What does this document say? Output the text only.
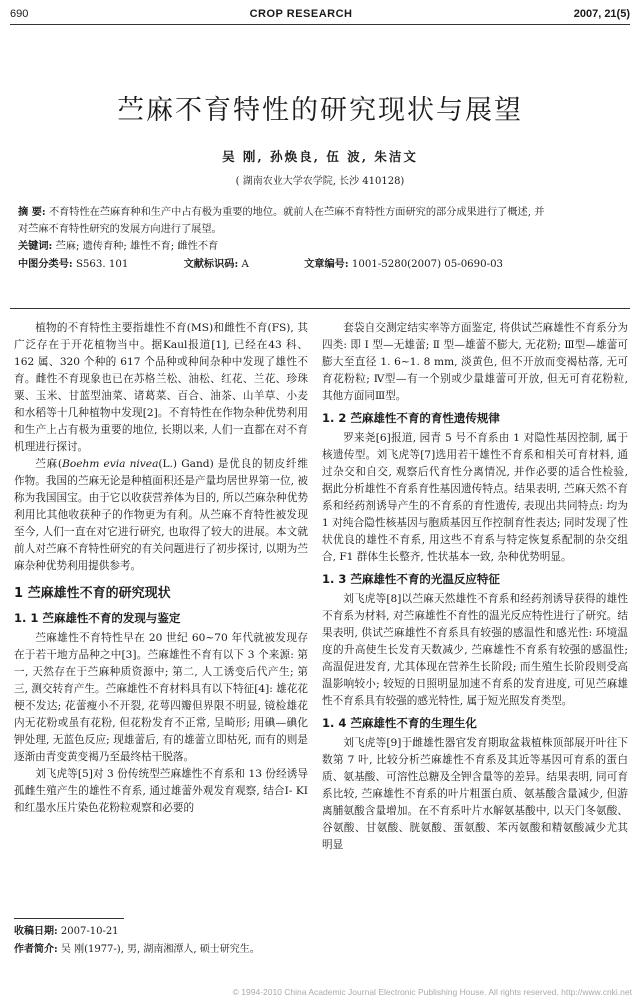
690	CROP RESEARCH	2007, 21(5)
苎麻不育特性的研究现状与展望
吴 刚, 孙焕良, 伍 波, 朱洁文
( 湖南农业大学农学院, 长沙 410128)
摘 要: 不育特性在苎麻育种和生产中占有极为重要的地位。就前人在苎麻不育特性方面研究的部分成果进行了概述, 并
对苎麻不育特性研究的发展方向进行了展望。
关键词: 苎麻; 遗传育种; 雄性不育; 雌性不育
中图分类号: S563. 101	文献标识码: A	文章编号: 1001-5280(2007) 05-0690-03

植物的不育特性主要指雄性不育(MS)和雌性不育(FS), 其广泛存在于开花植物当中。据Kaul报道[1], 已经在43 科、162 属、320 个种的 617 个品种或种间杂种中发现了雄性不育。雌性不育现象也已在苏格兰松、油松、红花、兰花、珍珠粟、玉米、甘蓝型油菜、诸葛菜、百合、油茶、山羊草、小麦和水稻等十几种植物中发现[2]。不育特性在作物杂种优势利用和生产上占有极为重要的地位, 长期以来, 人们一直都在对不育机理进行探讨。

苎麻(Boehm evia nivea(L.) Gand) 是优良的韧皮纤维作物。我国的苎麻无论是种植面积还是产量均居世界第一位, 被称为我国国宝。由于它以收获营养体为目的, 所以苎麻杂种优势利用比其他收获种子的作物更为有利。从苎麻不育特性被发现至今, 人们一直在对它进行研究, 也取得了较大的进展。本文就前人对苎麻不育特性研究的有关问题进行了初步探讨, 以期为苎麻杂种优势利用提供参考。

1 苎麻雄性不育的研究现状
1. 1 苎麻雄性不育的发现与鉴定

苎麻雄性不育特性早在 20 世纪 60~70 年代就被发现存在于若干地方品种之中[3]。苎麻雄性不育有以下 3 个来源: 第一, 天然存在于苎麻种质资源中; 第二, 人工诱变后代产生; 第三, 测交转育产生。苎麻雄性不育材料具有以下特征[4]: 雄花花梗不发达; 花蕾瘦小不开裂, 花萼四瓣但界限不明显, 镜检雄花内无花粉或虽有花粉, 但花粉发育不正常, 呈畸形; 用碘—碘化钾处理, 无蓝色反应; 现雄蕾后, 有的雄蕾立即枯死, 而有的则是逐渐由青变黄变褐乃至最终枯干脱落。

刘飞虎等[5]对 3 份传统型苎麻雄性不育系和 13 份经诱导孤雌生殖产生的雄性不育系, 通过雄蕾外观发育观察, 结合I- KI和红墨水压片染色花粉粒观察和必要的

套袋自交测定结实率等方面鉴定, 将供试苎麻雄性不育系分为四类: 即 Ⅰ 型—无雄蕾; Ⅱ 型—雄蕾不膨大, 无花粉; Ⅲ型—雄蕾可膨大至直径 1. 6~1. 8 mm, 淡黄色, 但不开放而变褐枯落, 无可育花粉粒; Ⅳ型—有一个别或少量雄蕾可开放, 但无可育花粉粒, 其他方面同Ⅲ型。

1. 2 苎麻雄性不育的育性遗传规律

罗来尧[6]报道, 园青 5 号不育系由 1 对隐性基因控制, 属于核遗传型。刘飞虎等[7]选用若干雄性不育系和相关可育材料, 通过杂交和自交, 观察后代育性分离情况, 并作必要的适合性检验, 据此分析雄性不育系育性基因遗传特点。结果表明, 苎麻天然不育系和经药剂诱导产生的不育系的育性遗传, 表现出共同特点: 均为 1 对纯合隐性核基因与胞质基因互作控制育性表达; 同时发现了性状优良的雄性不育系, 用这些不育系与特定恢复系配制的杂交组合, F1 群体生长整齐, 性状基本一致, 杂种优势明显。

1. 3 苎麻雄性不育的光温反应特征

刘飞虎等[8]以苎麻天然雄性不育系和经药剂诱导获得的雄性不育系为材料, 对苎麻雄性不育性的温光反应特性进行了研究。结果表明, 供试苎麻雄性不育系具有较强的感温性和感光性: 环境温度的升高使生长发育天数减少, 苎麻雄性不育系有较强的感温性; 高温促进发育, 尤其体现在营养生长阶段; 而生殖生长阶段则受高温影响较小; 较短的日照明显加速不育系的发育进度, 可见苎麻雄性不育系具有较强的感光特性, 属于短光照发育类型。

1. 4 苎麻雄性不育的生理生化

刘飞虎等[9]于雌雄性器官发育期取盆栽植株顶部展开叶往下数第 7 叶, 比较分析苎麻雄性不育系及其近等基因可育系的蛋白质、氨基酸、可溶性总糖及全钾含量等的差异。结果表明, 同可育系比较, 苎麻雄性不育系的叶片粗蛋白质、氨基酸含量减少, 但游离脯氨酸含量增加。在不育系叶片水解氨基酸中, 以天门冬氨酸、谷氨酸、甘氨酸、胱氨酸、蛋氨酸、苯丙氨酸和精氨酸减少尤其明显

收稿日期: 2007-10-21
作者简介: 吴 刚(1977-), 男, 湖南湘潭人, 硕士研究生。
© 1994-2010 China Academic Journal Electronic Publishing House. All rights reserved. http://www.cnki.net
